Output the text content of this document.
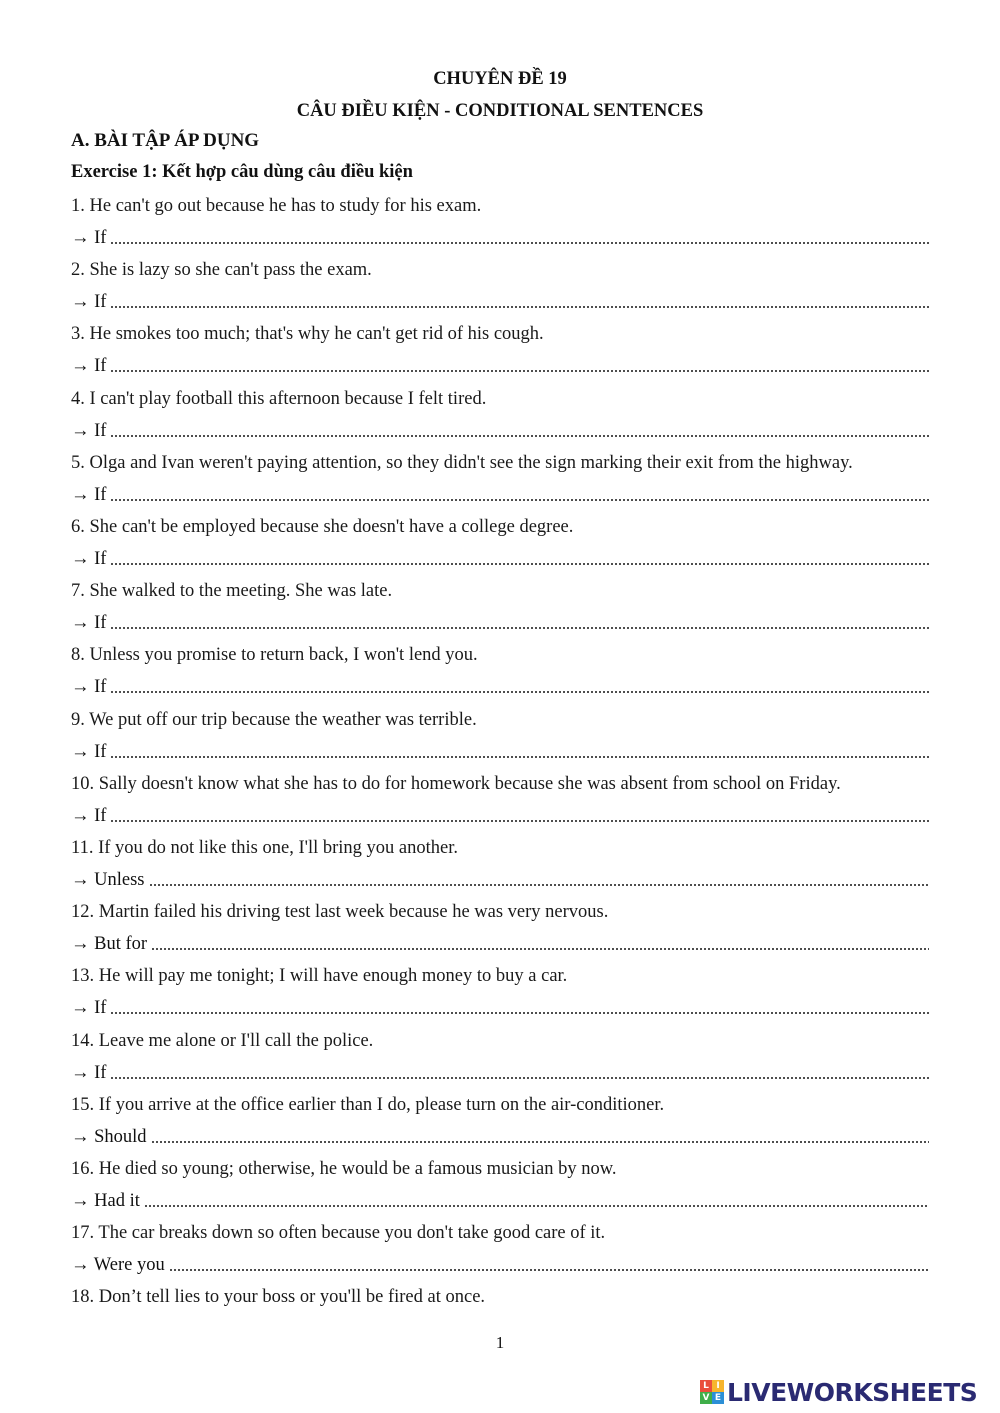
CHUYÊN ĐỀ 19
CÂU ĐIỀU KIỆN - CONDITIONAL SENTENCES
A. BÀI TẬP ÁP DỤNG
Exercise 1: Kết hợp câu dùng câu điều kiện
1. He can't go out because he has to study for his exam.
→ If
2. She is lazy so she can't pass the exam.
→ If
3. He smokes too much; that's why he can't get rid of his cough.
→ If
4. I can't play football this afternoon because I felt tired.
→ If
5. Olga and Ivan weren't paying attention, so they didn't see the sign marking their exit from the highway.
→ If
6. She can't be employed because she doesn't have a college degree.
→ If
7. She walked to the meeting. She was late.
→ If
8. Unless you promise to return back, I won't lend you.
→ If
9. We put off our trip because the weather was terrible.
→ If
10. Sally doesn't know what she has to do for homework because she was absent from school on Friday.
→ If
11. If you do not like this one, I'll bring you another.
→ Unless
12. Martin failed his driving test last week because he was very nervous.
→ But for
13. He will pay me tonight; I will have enough money to buy a car.
→ If
14. Leave me alone or I'll call the police.
→ If
15. If you arrive at the office earlier than I do, please turn on the air-conditioner.
→ Should
16. He died so young; otherwise, he would be a famous musician by now.
→ Had it
17. The car breaks down so often because you don't take good care of it.
→ Were you
18. Don’t tell lies to your boss or you'll be fired at once.
1
L I
V E LIVEWORKSHEETS
